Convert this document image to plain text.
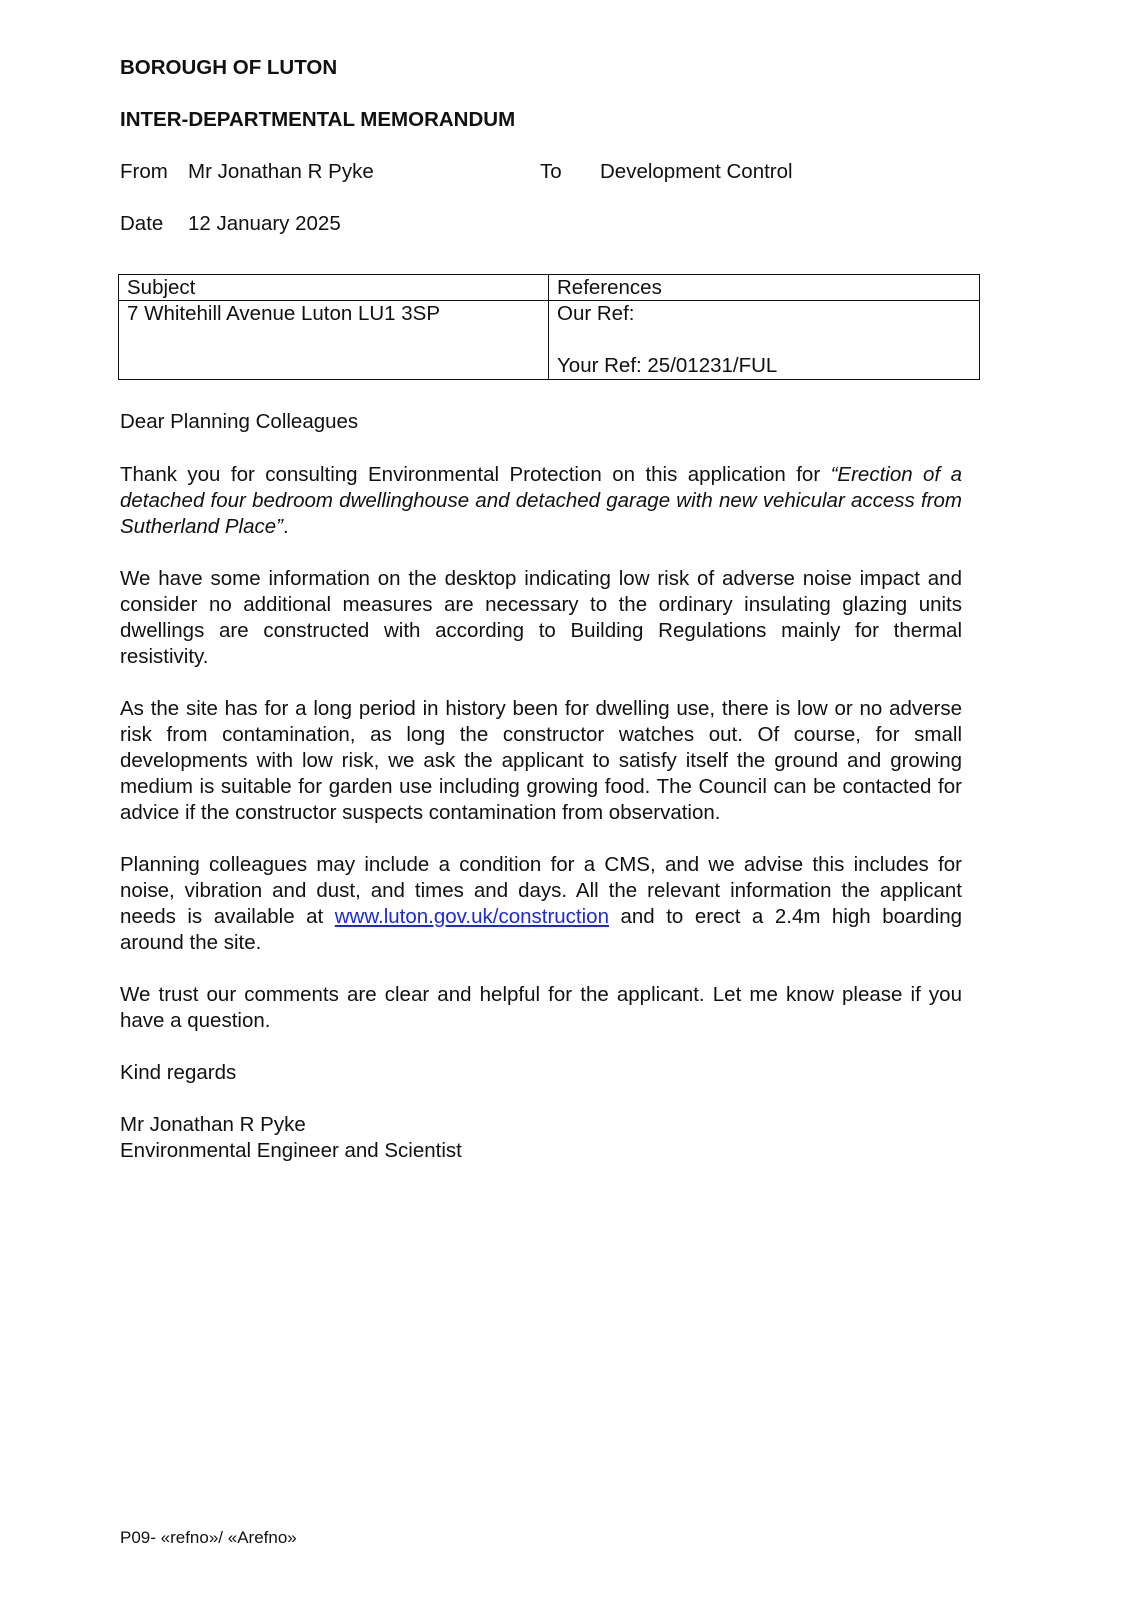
BOROUGH OF LUTON
INTER-DEPARTMENTAL MEMORANDUM
From Mr Jonathan R Pyke	To Development Control
Date 12 January 2025
Subject	References
7 Whitehill Avenue Luton LU1 3SP	Our Ref:
Your Ref: 25/01231/FUL
Dear Planning Colleagues

Thank you for consulting Environmental Protection on this application for “Erection of a detached four bedroom dwellinghouse and detached garage with new vehicular access from Sutherland Place”.

We have some information on the desktop indicating low risk of adverse noise impact and consider no additional measures are necessary to the ordinary insulating glazing units dwellings are constructed with according to Building Regulations mainly for thermal resistivity.

As the site has for a long period in history been for dwelling use, there is low or no adverse risk from contamination, as long the constructor watches out. Of course, for small developments with low risk, we ask the applicant to satisfy itself the ground and growing medium is suitable for garden use including growing food. The Council can be contacted for advice if the constructor suspects contamination from observation.

Planning colleagues may include a condition for a CMS, and we advise this includes for noise, vibration and dust, and times and days. All the relevant information the applicant needs is available at www.luton.gov.uk/construction and to erect a 2.4m high boarding around the site.

We trust our comments are clear and helpful for the applicant. Let me know please if you have a question.

Kind regards

Mr Jonathan R Pyke
Environmental Engineer and Scientist
P09- «refno»/ «Arefno»
